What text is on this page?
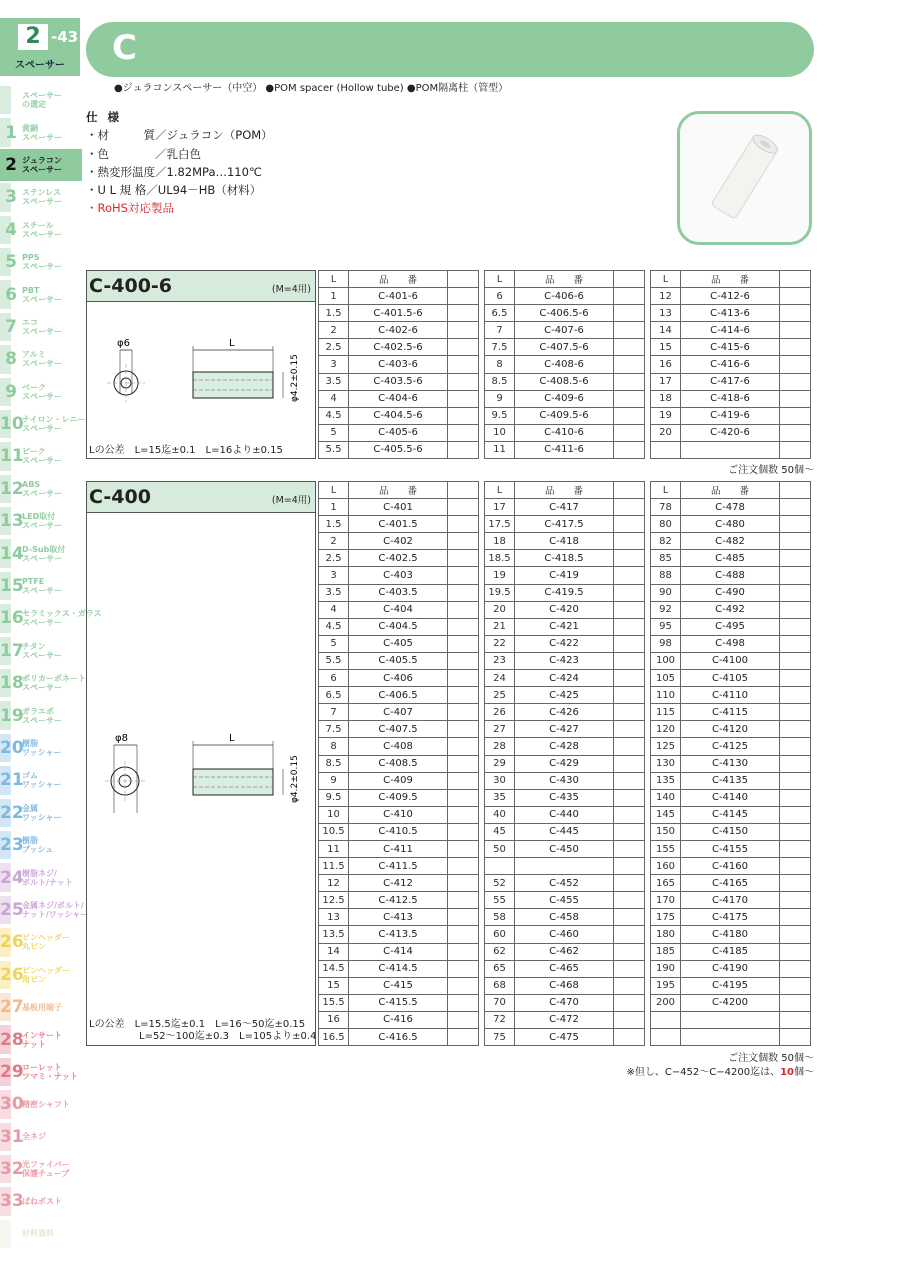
2 -43
スペーサー	C
●ジュラコンスペーサー（中空） ●POM spacer (Hollow tube) ●POM隔离柱（管型）
仕 様
・材　　　質／ジュラコン（POM）
・色　　　　／乳白色
・熱変形温度／1.82MPa…110℃
・U L 規 格／UL94－HB（材料）
・RoHS対応製品
スペーサー
の選定
1 黄銅
スペーサー
2 ジュラコン
スペーサー
3 ステンレス
スペーサー
4 スチール
スペーサー
5 PPS
スペーサー
6 PBT
スペーサー
7 エコ
スペーサー
8 アルミ
スペーサー
9 ベーク
スペーサー
10
ナイロン・レニー
スペーサー
11
ピーク
スペーサー
12
ABS
スペーサー
13
LED取付
スペーサー
14
D-Sub取付
スペーサー
15
PTFE
スペーサー
16
セラミックス・ガラス
スペーサー
17
チタン
スペーサー
18
ポリカーボネート
スペーサー
19
ガラエポ
スペーサー
20
樹脂
ワッシャー
21
ゴム
ワッシャー
22
金属
ワッシャー
23
樹脂
ブッシュ
24
樹脂ネジ/
ボルト/ナット
25
金属ネジ/ボルト/
ナット/ワッシャー
26
ピンヘッダー
丸ピン
26
ピンヘッダー
角ピン
27
基板用端子
28
インサート
ナット
29
ローレット
ツマミ・ナット
30
精密シャフト
31
全ネジ
32
光ファイバー
保護チューブ
33
ばねポスト
材料資料
C-400-6	(M=4用)
φ6	L
φ4.2±0.15
Lの公差　L=15迄±0.1　L=16より±0.15
L	品　　番	
1	C-401-6	
1.5	C-401.5-6	
2	C-402-6	
2.5	C-402.5-6	
3	C-403-6	
3.5	C-403.5-6	
4	C-404-6	
4.5	C-404.5-6	
5	C-405-6	
5.5	C-405.5-6	
L	品　　番	
6	C-406-6	
6.5	C-406.5-6	
7	C-407-6	
7.5	C-407.5-6	
8	C-408-6	
8.5	C-408.5-6	
9	C-409-6	
9.5	C-409.5-6	
10	C-410-6	
11	C-411-6	
L	品　　番	
12	C-412-6	
13	C-413-6	
14	C-414-6	
15	C-415-6	
16	C-416-6	
17	C-417-6	
18	C-418-6	
19	C-419-6	
20	C-420-6	

ご注文個数 50個～
C-400	(M=4用)
φ8	L
φ4.2±0.15
Lの公差　L=15.5迄±0.1　L=16～50迄±0.15
　　　　　L=52～100迄±0.3　L=105より±0.4
L	品　　番	
1	C-401	
1.5	C-401.5	
2	C-402	
2.5	C-402.5	
3	C-403	
3.5	C-403.5	
4	C-404	
4.5	C-404.5	
5	C-405	
5.5	C-405.5	
6	C-406	
6.5	C-406.5	
7	C-407	
7.5	C-407.5	
8	C-408	
8.5	C-408.5	
9	C-409	
9.5	C-409.5	
10	C-410	
10.5	C-410.5	
11	C-411	
11.5	C-411.5	
12	C-412	
12.5	C-412.5	
13	C-413	
13.5	C-413.5	
14	C-414	
14.5	C-414.5	
15	C-415	
15.5	C-415.5	
16	C-416	
16.5	C-416.5	
L	品　　番	
17	C-417	
17.5	C-417.5	
18	C-418	
18.5	C-418.5	
19	C-419	
19.5	C-419.5	
20	C-420	
21	C-421	
22	C-422	
23	C-423	
24	C-424	
25	C-425	
26	C-426	
27	C-427	
28	C-428	
29	C-429	
30	C-430	
35	C-435	
40	C-440	
45	C-445	
50	C-450	

52	C-452	
55	C-455	
58	C-458	
60	C-460	
62	C-462	
65	C-465	
68	C-468	
70	C-470	
72	C-472	
75	C-475	
L	品　　番	
78	C-478	
80	C-480	
82	C-482	
85	C-485	
88	C-488	
90	C-490	
92	C-492	
95	C-495	
98	C-498	
100	C-4100	
105	C-4105	
110	C-4110	
115	C-4115	
120	C-4120	
125	C-4125	
130	C-4130	
135	C-4135	
140	C-4140	
145	C-4145	
150	C-4150	
155	C-4155	
160	C-4160	
165	C-4165	
170	C-4170	
175	C-4175	
180	C-4180	
185	C-4185	
190	C-4190	
195	C-4195	
200	C-4200	

ご注文個数 50個～
※但し、C−452～C−4200迄は、10個～
